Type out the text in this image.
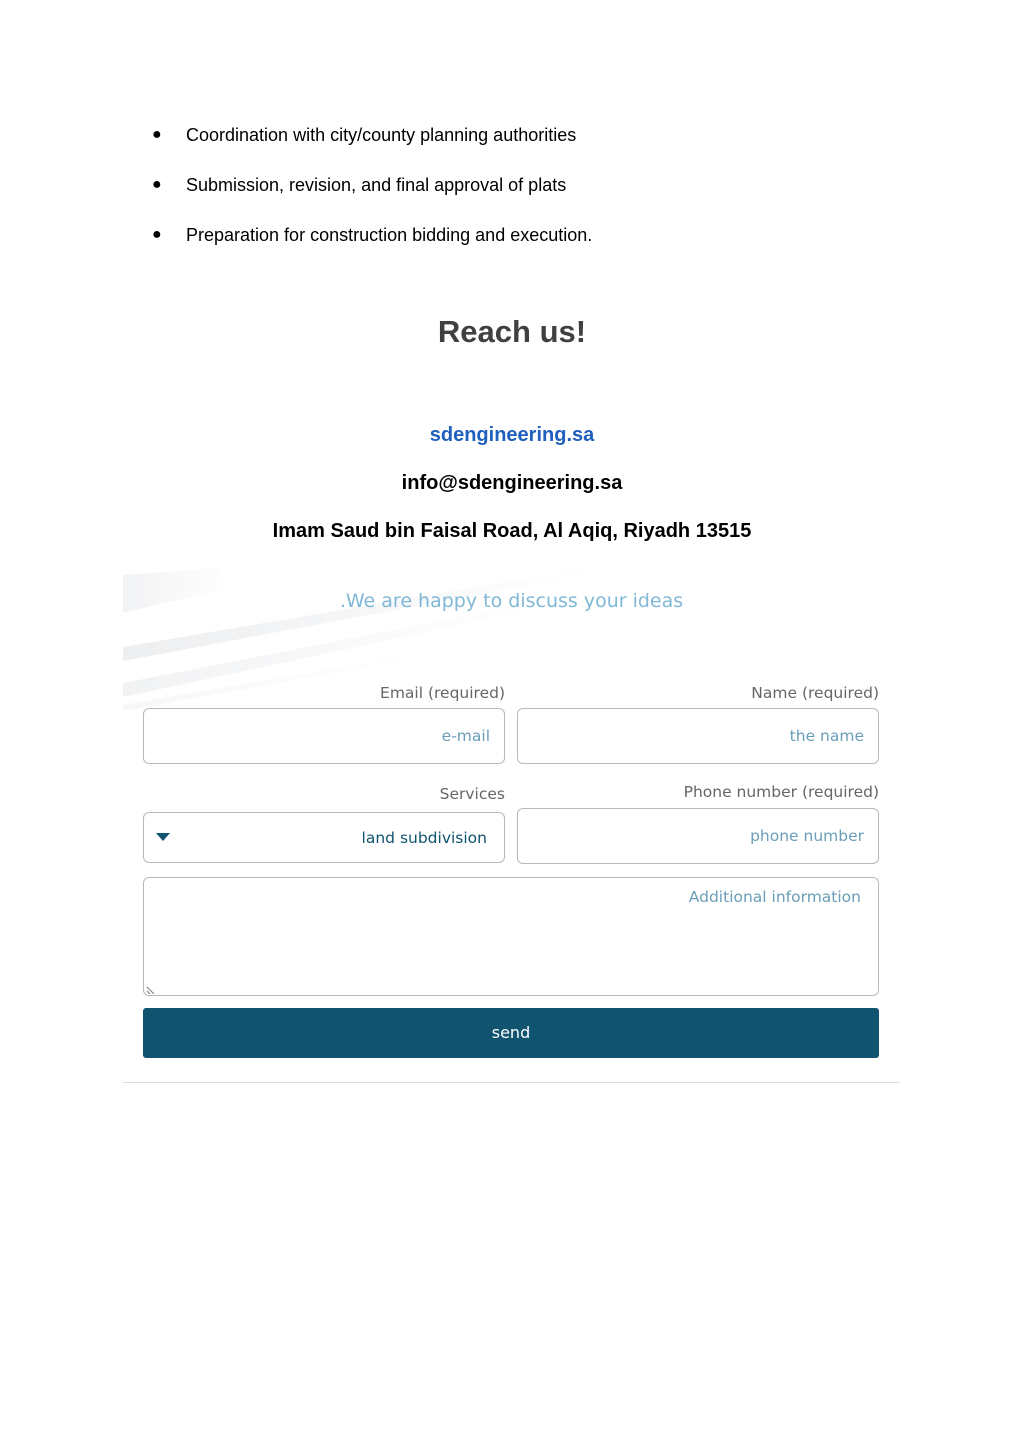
● Coordination with city/county planning authorities
● Submission, revision, and final approval of plats
● Preparation for construction bidding and execution.
Reach us!
sdengineering.sa
info@sdengineering.sa
Imam Saud bin Faisal Road, Al Aqiq, Riyadh 13515
.We are happy to discuss your ideas
Email (required)
e-mail
Name (required)
the name
Services
land subdivision
Phone number (required)
phone number
Additional information
send
